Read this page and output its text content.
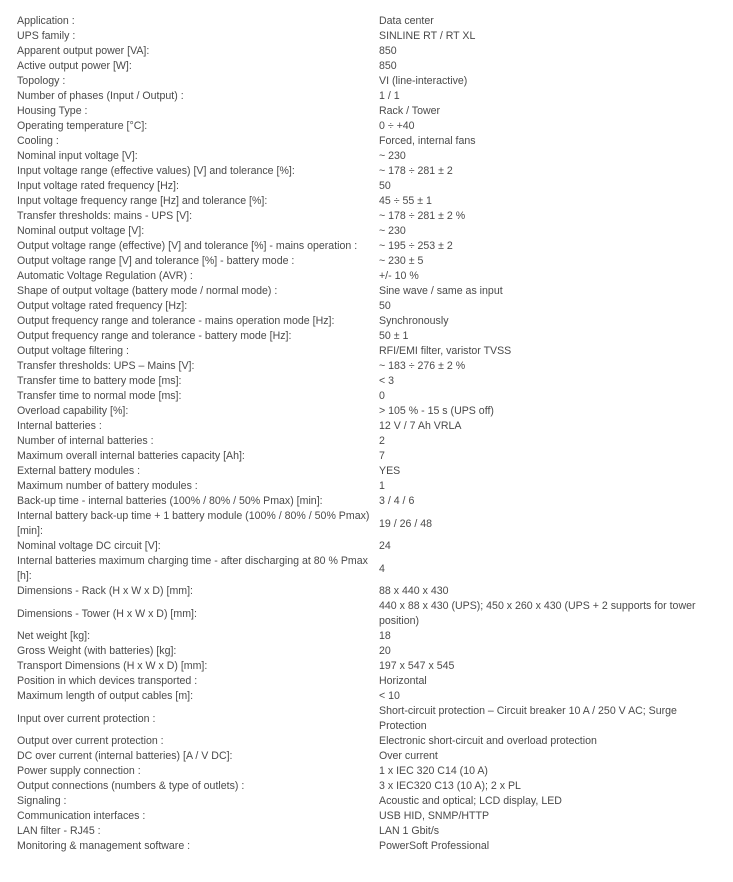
Application :	Data center
UPS family :	SINLINE RT / RT XL
Apparent output power [VA]:	850
Active output power [W]:	850
Topology :	VI (line-interactive)
Number of phases (Input / Output) :	1 / 1
Housing Type :	Rack / Tower
Operating temperature [°C]:	0 ÷ +40
Cooling :	Forced, internal fans
Nominal input voltage [V]:	~ 230
Input voltage range (effective values) [V] and tolerance [%]:	~ 178 ÷ 281 ± 2
Input voltage rated frequency [Hz]:	50
Input voltage frequency range [Hz] and tolerance [%]:	45 ÷ 55 ± 1
Transfer thresholds: mains - UPS [V]:	~ 178 ÷ 281 ± 2 %
Nominal output voltage [V]:	~ 230
Output voltage range (effective) [V] and tolerance [%] - mains operation :	~ 195 ÷ 253 ± 2
Output voltage range [V] and tolerance [%] - battery mode :	~ 230 ± 5
Automatic Voltage Regulation (AVR) :	+/- 10 %
Shape of output voltage (battery mode / normal mode) :	Sine wave / same as input
Output voltage rated frequency [Hz]:	50
Output frequency range and tolerance - mains operation mode [Hz]:	Synchronously
Output frequency range and tolerance - battery mode [Hz]:	50 ± 1
Output voltage filtering :	RFI/EMI filter, varistor TVSS
Transfer thresholds: UPS – Mains [V]:	~ 183 ÷ 276 ± 2 %
Transfer time to battery mode [ms]:	< 3
Transfer time to normal mode [ms]:	0
Overload capability [%]:	> 105 % - 15 s (UPS off)
Internal batteries :	12 V / 7 Ah VRLA
Number of internal batteries :	2
Maximum overall internal batteries capacity [Ah]:	7
External battery modules :	YES
Maximum number of battery modules :	1
Back-up time - internal batteries (100% / 80% / 50% Pmax) [min]:	3 / 4 / 6
Internal battery back-up time + 1 battery module (100% / 80% / 50% Pmax) [min]:	19 / 26 / 48
Nominal voltage DC circuit [V]:	24
Internal batteries maximum charging time - after discharging at 80 % Pmax [h]:	4
Dimensions - Rack (H x W x D) [mm]:	88 x 440 x 430
Dimensions - Tower (H x W x D) [mm]:	440 x 88 x 430 (UPS); 450 x 260 x 430 (UPS + 2 supports for tower position)
Net weight [kg]:	18
Gross Weight (with batteries) [kg]:	20
Transport Dimensions (H x W x D) [mm]:	197 x 547 x 545
Position in which devices transported :	Horizontal
Maximum length of output cables [m]:	< 10
Input over current protection :	Short-circuit protection – Circuit breaker 10 A / 250 V AC; Surge Protection
Output over current protection :	Electronic short-circuit and overload protection
DC over current (internal batteries) [A / V DC]:	Over current
Power supply connection :	1 x IEC 320 C14 (10 A)
Output connections (numbers & type of outlets) :	3 x IEC320 C13 (10 A); 2 x PL
Signaling :	Acoustic and optical; LCD display, LED
Communication interfaces :	USB HID, SNMP/HTTP
LAN filter - RJ45 :	LAN 1 Gbit/s
Monitoring & management software :	PowerSoft Professional
